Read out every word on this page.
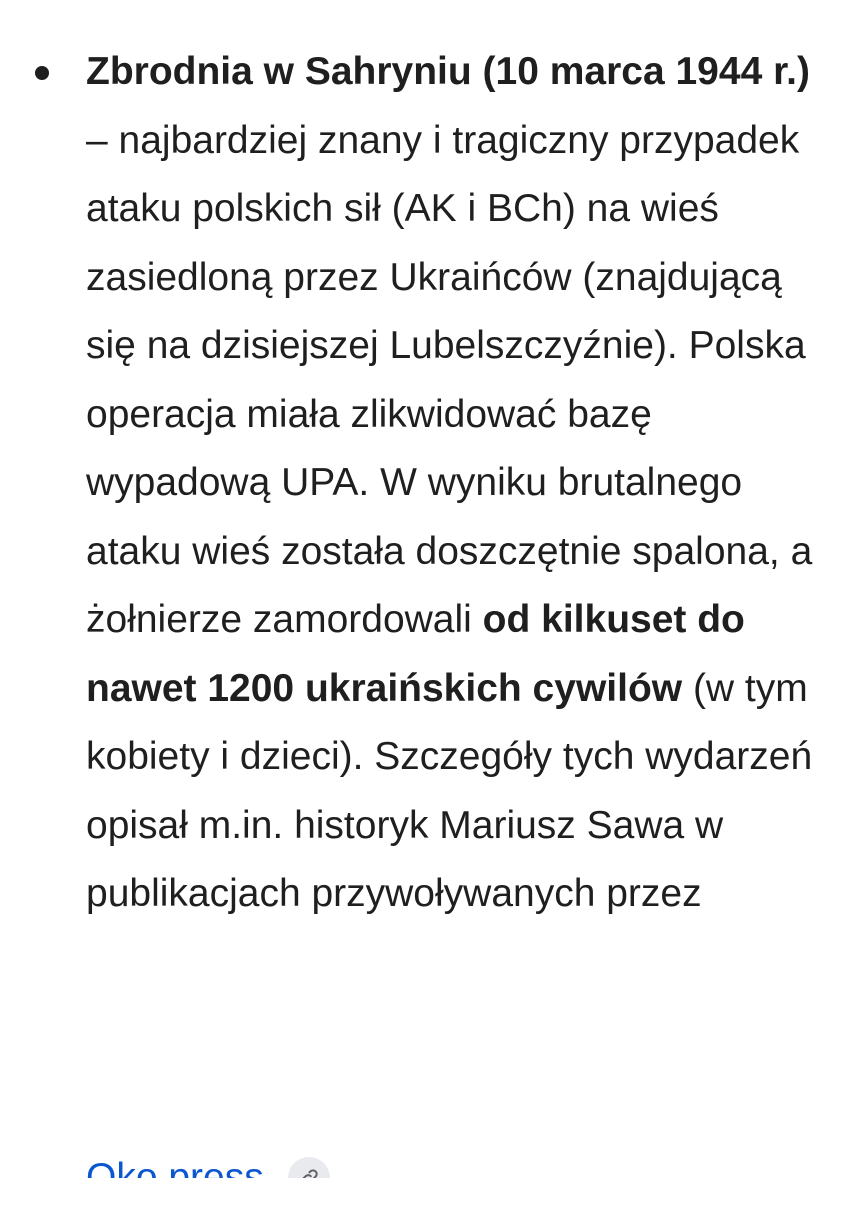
Zbrodnia w Sahryniu (10 marca 1944 r.) – najbardziej znany i tragiczny przypadek ataku polskich sił (AK i BCh) na wieś zasiedloną przez Ukraińców (znajdującą się na dzisiejszej Lubelszczyźnie). Polska operacja miała zlikwidować bazę wypadową UPA. W wyniku brutalnego ataku wieś została doszczętnie spalona, a żołnierze zamordowali od kilkuset do nawet 1200 ukraińskich cywilów (w tym kobiety i dzieci). Szczegóły tych wydarzeń opisał m.in. historyk Mariusz Sawa w publikacjach przywoływanych przez
